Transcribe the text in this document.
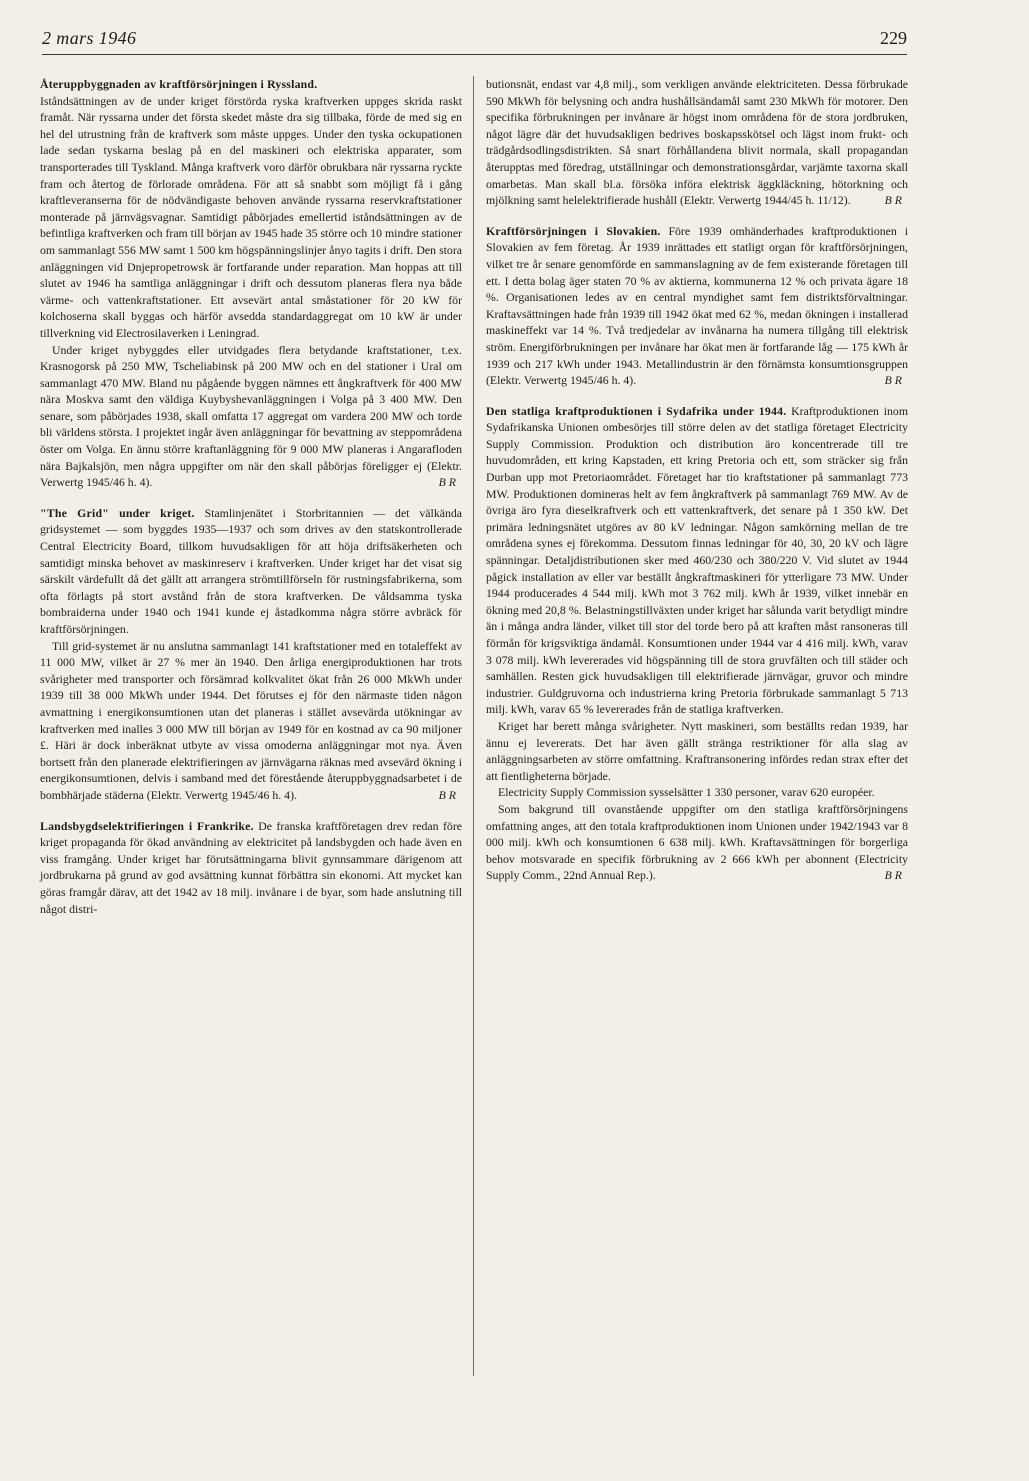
2 mars 1946	229

Återuppbyggnaden av kraftförsörjningen i Ryssland.
Iståndsättningen av de under kriget förstörda ryska kraftverken uppges skrida raskt framåt. När ryssarna under det första skedet måste dra sig tillbaka, förde de med sig en hel del utrustning från de kraftverk som måste uppges. Under den tyska ockupationen lade sedan tyskarna beslag på en del maskineri och elektriska apparater, som transporterades till Tyskland. Många kraftverk voro därför obrukbara när ryssarna ryckte fram och återtog de förlorade områdena. För att så snabbt som möjligt få i gång kraftleveranserna för de nödvändigaste behoven använde ryssarna reservkraftstationer monterade på järnvägsvagnar. Samtidigt påbörjades emellertid iståndsättningen av de befintliga kraftverken och fram till början av 1945 hade 35 större och 10 mindre stationer om sammanlagt 556 MW samt 1 500 km högspänningslinjer ånyo tagits i drift. Den stora anläggningen vid Dnjepropetrowsk är fortfarande under reparation. Man hoppas att till slutet av 1946 ha samtliga anläggningar i drift och dessutom planeras flera nya både värme- och vattenkraftstationer. Ett avsevärt antal småstationer för 20 kW för kolchoserna skall byggas och härför avsedda standardaggregat om 10 kW är under tillverkning vid Electrosilaverken i Leningrad.

Under kriget nybyggdes eller utvidgades flera betydande kraftstationer, t.ex. Krasnogorsk på 250 MW, Tscheliabinsk på 200 MW och en del stationer i Ural om sammanlagt 470 MW. Bland nu pågående byggen nämnes ett ångkraftverk för 400 MW nära Moskva samt den väldiga Kuybyshevanläggningen i Volga på 3 400 MW. Den senare, som påbörjades 1938, skall omfatta 17 aggregat om vardera 200 MW och torde bli världens största. I projektet ingår även anläggningar för bevattning av steppområdena öster om Volga. En ännu större kraftanläggning för 9 000 MW planeras i Angarafloden nära Bajkalsjön, men några uppgifter om när den skall påbörjas föreligger ej (Elektr. Verwertg 1945/46 h. 4).	B R

"The Grid" under kriget. Stamlinjenätet i Storbritannien — det välkända gridsystemet — som byggdes 1935—1937 och som drives av den statskontrollerade Central Electricity Board, tillkom huvudsakligen för att höja driftsäkerheten och samtidigt minska behovet av maskinreserv i kraftverken. Under kriget har det visat sig särskilt värdefullt då det gällt att arrangera strömtillförseln för rustningsfabrikerna, som ofta förlagts på stort avstånd från de stora kraftverken. De våldsamma tyska bombraiderna under 1940 och 1941 kunde ej åstadkomma några större avbräck för kraftförsörjningen.

Till grid-systemet är nu anslutna sammanlagt 141 kraftstationer med en totaleffekt av 11 000 MW, vilket är 27 % mer än 1940. Den årliga energiproduktionen har trots svårigheter med transporter och försämrad kolkvalitet ökat från 26 000 MkWh under 1939 till 38 000 MkWh under 1944. Det förutses ej för den närmaste tiden någon avmattning i energikonsumtionen utan det planeras i stället avsevärda utökningar av kraftverken med inalles 3 000 MW till början av 1949 för en kostnad av ca 90 miljoner £. Häri är dock inberäknat utbyte av vissa omoderna anläggningar mot nya. Även bortsett från den planerade elektrifieringen av järnvägarna räknas med avsevärd ökning i energikonsumtionen, delvis i samband med det förestående återuppbyggnadsarbetet i de bombhärjade städerna (Elektr. Verwertg 1945/46 h. 4).	B R

Landsbygdselektrifieringen i Frankrike. De franska kraftföretagen drev redan före kriget propaganda för ökad användning av elektricitet på landsbygden och hade även en viss framgång. Under kriget har förutsättningarna blivit gynnsammare därigenom att jordbrukarna på grund av god avsättning kunnat förbättra sin ekonomi. Att mycket kan göras framgår därav, att det 1942 av 18 milj. invånare i de byar, som hade anslutning till något distri-

butionsnät, endast var 4,8 milj., som verkligen använde elektriciteten. Dessa förbrukade 590 MkWh för belysning och andra hushållsändamål samt 230 MkWh för motorer. Den specifika förbrukningen per invånare är högst inom områdena för de stora jordbruken, något lägre där det huvudsakligen bedrives boskapsskötsel och lägst inom frukt- och trädgårdsodlingsdistrikten. Så snart förhållandena blivit normala, skall propagandan återupptas med föredrag, utställningar och demonstrationsgårdar, varjämte taxorna skall omarbetas. Man skall bl.a. försöka införa elektrisk äggkläckning, hötorkning och mjölkning samt helelektrifierade hushåll (Elektr. Verwertg 1944/45 h. 11/12).	B R

Kraftförsörjningen i Slovakien. Före 1939 omhänderhades kraftproduktionen i Slovakien av fem företag. År 1939 inrättades ett statligt organ för kraftförsörjningen, vilket tre år senare genomförde en sammanslagning av de fem existerande företagen till ett. I detta bolag äger staten 70 % av aktierna, kommunerna 12 % och privata ägare 18 %. Organisationen ledes av en central myndighet samt fem distriktsförvaltningar. Kraftavsättningen hade från 1939 till 1942 ökat med 62 %, medan ökningen i installerad maskineffekt var 14 %. Två tredjedelar av invånarna ha numera tillgång till elektrisk ström. Energiförbrukningen per invånare har ökat men är fortfarande låg — 175 kWh år 1939 och 217 kWh under 1943. Metallindustrin är den förnämsta konsumtionsgruppen (Elektr. Verwertg 1945/46 h. 4).	B R

Den statliga kraftproduktionen i Sydafrika under 1944. Kraftproduktionen inom Sydafrikanska Unionen ombesörjes till större delen av det statliga företaget Electricity Supply Commission. Produktion och distribution äro koncentrerade till tre huvudområden, ett kring Kapstaden, ett kring Pretoria och ett, som sträcker sig från Durban upp mot Pretoriaområdet. Företaget har tio kraftstationer på sammanlagt 773 MW. Produktionen domineras helt av fem ångkraftverk på sammanlagt 769 MW. Av de övriga äro fyra dieselkraftverk och ett vattenkraftverk, det senare på 1 350 kW. Det primära ledningsnätet utgöres av 80 kV ledningar. Någon samkörning mellan de tre områdena synes ej förekomma. Dessutom finnas ledningar för 40, 30, 20 kV och lägre spänningar. Detaljdistributionen sker med 460/230 och 380/220 V. Vid slutet av 1944 pågick installation av eller var beställt ångkraftmaskineri för ytterligare 73 MW. Under 1944 producerades 4 544 milj. kWh mot 3 762 milj. kWh år 1939, vilket innebär en ökning med 20,8 %. Belastningstillväxten under kriget har sålunda varit betydligt mindre än i många andra länder, vilket till stor del torde bero på att kraften måst ransoneras till förmån för krigsviktiga ändamål. Konsumtionen under 1944 var 4 416 milj. kWh, varav 3 078 milj. kWh levererades vid högspänning till de stora gruvfälten och till städer och samhällen. Resten gick huvudsakligen till elektrifierade järnvägar, gruvor och mindre industrier. Guldgruvorna och industrierna kring Pretoria förbrukade sammanlagt 5 713 milj. kWh, varav 65 % levererades från de statliga kraftverken.

Kriget har berett många svårigheter. Nytt maskineri, som beställts redan 1939, har ännu ej levererats. Det har även gällt stränga restriktioner för alla slag av anläggningsarbeten av större omfattning. Kraftransonering infördes redan strax efter det att fientligheterna började.

Electricity Supply Commission sysselsätter 1 330 personer, varav 620 européer.

Som bakgrund till ovanstående uppgifter om den statliga kraftförsörjningens omfattning anges, att den totala kraftproduktionen inom Unionen under 1942/1943 var 8 000 milj. kWh och konsumtionen 6 638 milj. kWh. Kraftavsättningen för borgerliga behov motsvarade en specifik förbrukning av 2 666 kWh per abonnent (Electricity Supply Comm., 22nd Annual Rep.).	B R
